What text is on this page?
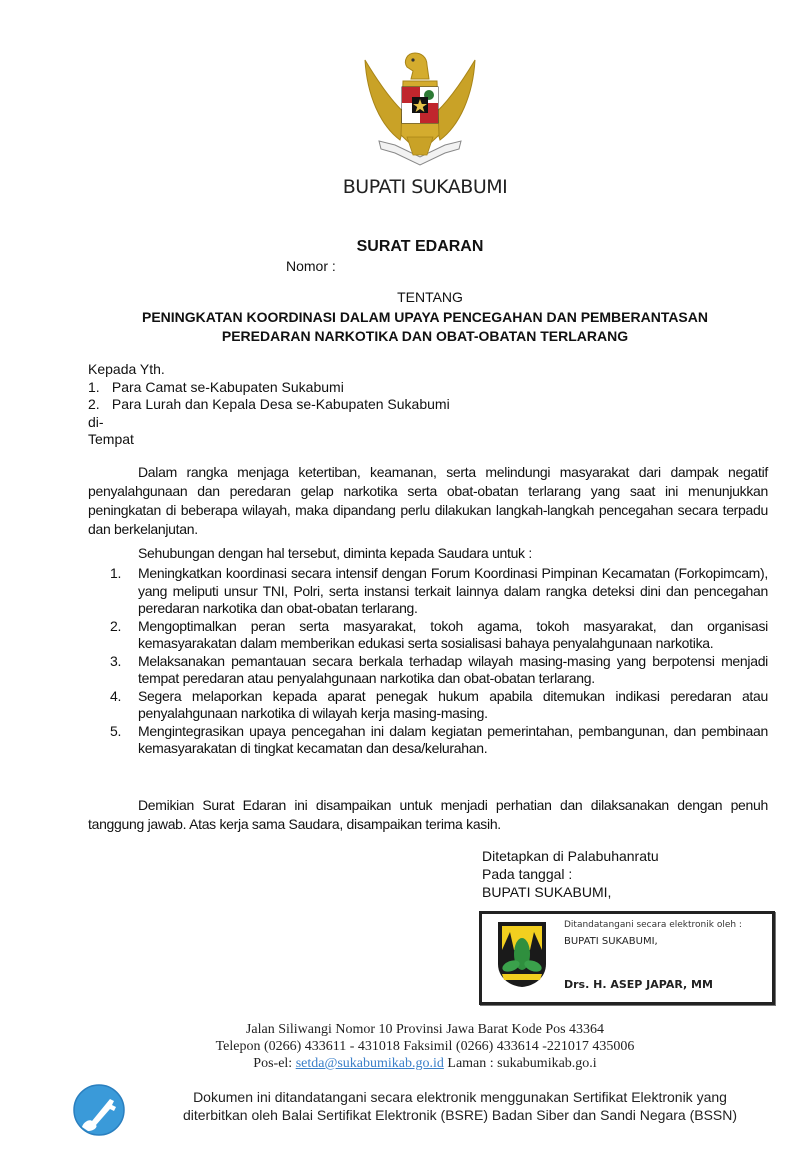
BUPATI SUKABUMI
SURAT EDARAN
Nomor :
TENTANG
PENINGKATAN KOORDINASI DALAM UPAYA PENCEGAHAN DAN PEMBERANTASAN
PEREDARAN NARKOTIKA DAN OBAT-OBATAN TERLARANG
Kepada Yth.
1. Para Camat se-Kabupaten Sukabumi
2. Para Lurah dan Kepala Desa se-Kabupaten Sukabumi
di-
Tempat
Dalam rangka menjaga ketertiban, keamanan, serta melindungi masyarakat dari dampak negatif penyalahgunaan dan peredaran gelap narkotika serta obat-obatan terlarang yang saat ini menunjukkan peningkatan di beberapa wilayah, maka dipandang perlu dilakukan langkah-langkah pencegahan secara terpadu dan berkelanjutan.
Sehubungan dengan hal tersebut, diminta kepada Saudara untuk :
1.	Meningkatkan koordinasi secara intensif dengan Forum Koordinasi Pimpinan Kecamatan (Forkopimcam), yang meliputi unsur TNI, Polri, serta instansi terkait lainnya dalam rangka deteksi dini dan pencegahan peredaran narkotika dan obat-obatan terlarang.
2.	Mengoptimalkan peran serta masyarakat, tokoh agama, tokoh masyarakat, dan organisasi kemasyarakatan dalam memberikan edukasi serta sosialisasi bahaya penyalahgunaan narkotika.
3.	Melaksanakan pemantauan secara berkala terhadap wilayah masing-masing yang berpotensi menjadi tempat peredaran atau penyalahgunaan narkotika dan obat-obatan terlarang.
4.	Segera melaporkan kepada aparat penegak hukum apabila ditemukan indikasi peredaran atau penyalahgunaan narkotika di wilayah kerja masing-masing.
5.	Mengintegrasikan upaya pencegahan ini dalam kegiatan pemerintahan, pembangunan, dan pembinaan kemasyarakatan di tingkat kecamatan dan desa/kelurahan.
Demikian Surat Edaran ini disampaikan untuk menjadi perhatian dan dilaksanakan dengan penuh tanggung jawab. Atas kerja sama Saudara, disampaikan terima kasih.
Ditetapkan di Palabuhanratu
Pada tanggal :
BUPATI SUKABUMI,
Ditandatangani secara elektronik oleh :
BUPATI SUKABUMI,
Drs. H. ASEP JAPAR, MM
Jalan Siliwangi Nomor 10 Provinsi Jawa Barat Kode Pos 43364
Telepon (0266) 433611 - 431018 Faksimil (0266) 433614 -221017 435006
Pos-el: setda@sukabumikab.go.id Laman : sukabumikab.go.i
Dokumen ini ditandatangani secara elektronik menggunakan Sertifikat Elektronik yang
diterbitkan oleh Balai Sertifikat Elektronik (BSRE) Badan Siber dan Sandi Negara (BSSN)
